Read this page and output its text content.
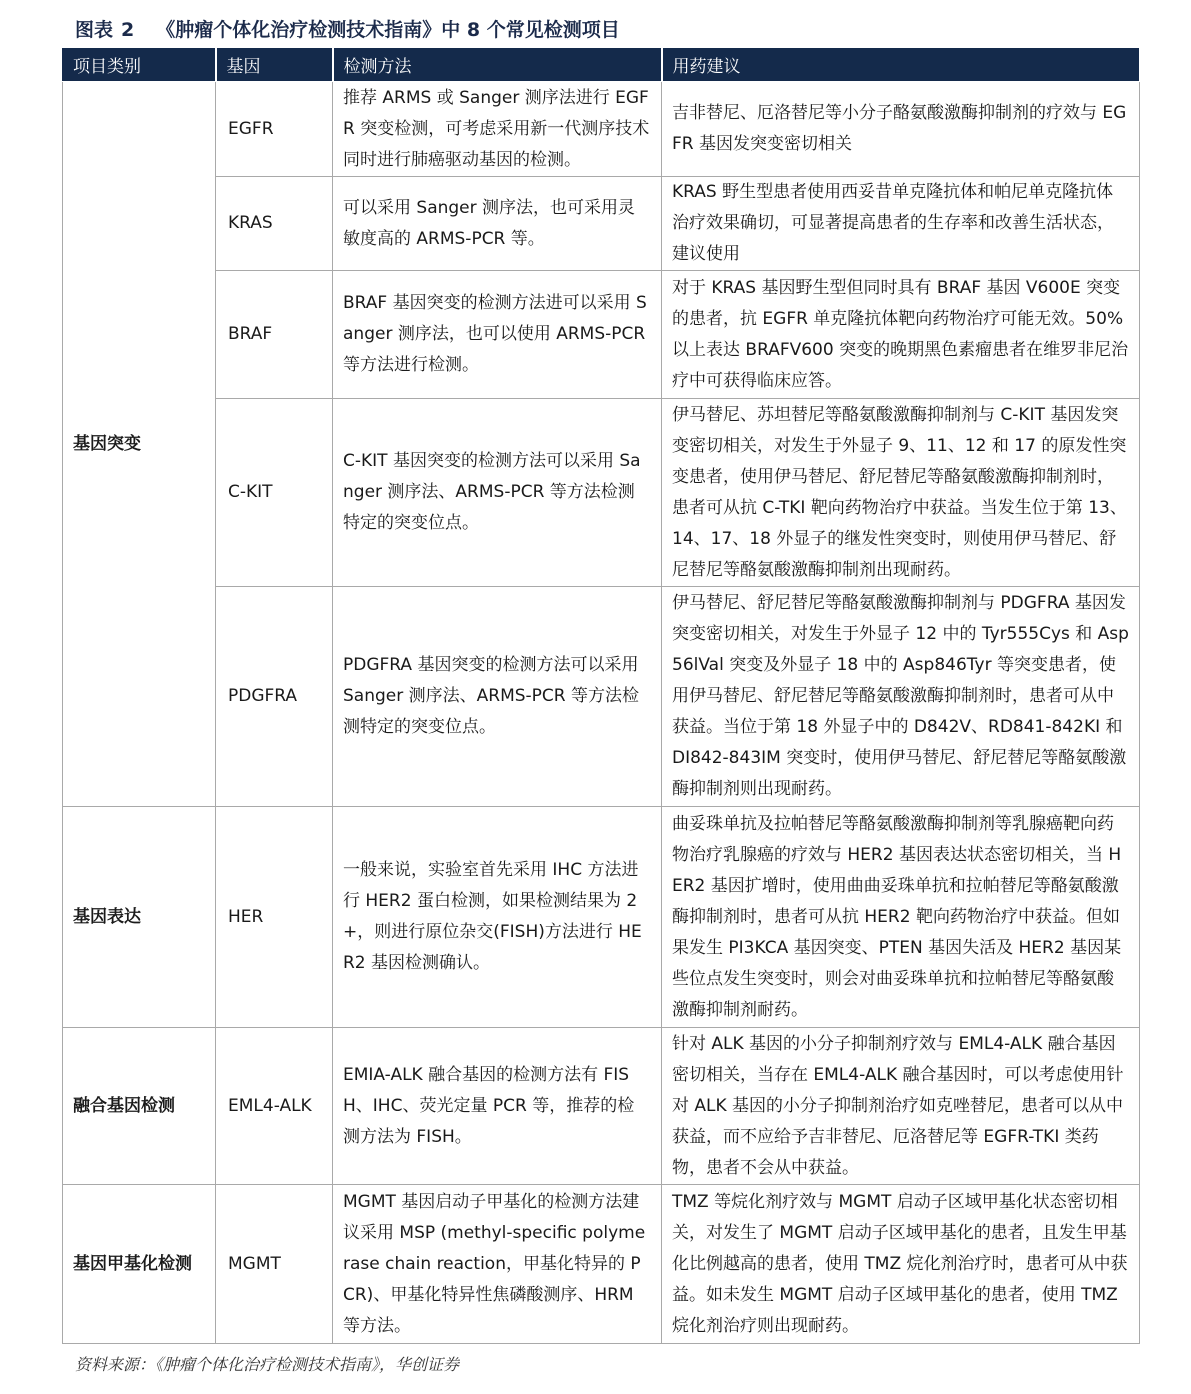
图表 2 《肿瘤个体化治疗检测技术指南》中 8 个常见检测项目
项目类别	基因	检测方法	用药建议
基因突变	EGFR	推荐 ARMS 或 Sanger 测序法进行 EGFR 突变检测，可考虑采用新一代测序技术同时进行肺癌驱动基因的检测。	吉非替尼、厄洛替尼等小分子酪氨酸激酶抑制剂的疗效与 EGFR 基因发突变密切相关
	KRAS	可以采用 Sanger 测序法，也可采用灵敏度高的 ARMS-PCR 等。	KRAS 野生型患者使用西妥昔单克隆抗体和帕尼单克隆抗体治疗效果确切，可显著提高患者的生存率和改善生活状态，建议使用
	BRAF	BRAF 基因突变的检测方法进可以采用 Sanger 测序法，也可以使用 ARMS-PCR 等方法进行检测。	对于 KRAS 基因野生型但同时具有 BRAF 基因 V600E 突变的患者，抗 EGFR 单克隆抗体靶向药物治疗可能无效。50%以上表达 BRAFV600 突变的晚期黑色素瘤患者在维罗非尼治疗中可获得临床应答。
	C-KIT	C-KIT 基因突变的检测方法可以采用 Sanger 测序法、ARMS-PCR 等方法检测特定的突变位点。	伊马替尼、苏坦替尼等酪氨酸激酶抑制剂与 C-KIT 基因发突变密切相关，对发生于外显子 9、11、12 和 17 的原发性突变患者，使用伊马替尼、舒尼替尼等酪氨酸激酶抑制剂时，患者可从抗 C-TKI 靶向药物治疗中获益。当发生位于第 13、14、17、18 外显子的继发性突变时，则使用伊马替尼、舒尼替尼等酪氨酸激酶抑制剂出现耐药。
	PDGFRA	PDGFRA 基因突变的检测方法可以采用 Sanger 测序法、ARMS-PCR 等方法检测特定的突变位点。	伊马替尼、舒尼替尼等酪氨酸激酶抑制剂与 PDGFRA 基因发突变密切相关，对发生于外显子 12 中的 Tyr555Cys 和 Asp56lVal 突变及外显子 18 中的 Asp846Tyr 等突变患者，使用伊马替尼、舒尼替尼等酪氨酸激酶抑制剂时，患者可从中获益。当位于第 18 外显子中的 D842V、RD841-842KI 和 DI842-843IM 突变时，使用伊马替尼、舒尼替尼等酪氨酸激酶抑制剂则出现耐药。
基因表达	HER	一般来说，实验室首先采用 IHC 方法进行 HER2 蛋白检测，如果检测结果为 2+，则进行原位杂交(FISH)方法进行 HER2 基因检测确认。	曲妥珠单抗及拉帕替尼等酪氨酸激酶抑制剂等乳腺癌靶向药物治疗乳腺癌的疗效与 HER2 基因表达状态密切相关，当 HER2 基因扩增时，使用曲曲妥珠单抗和拉帕替尼等酪氨酸激酶抑制剂时，患者可从抗 HER2 靶向药物治疗中获益。但如果发生 PI3KCA 基因突变、PTEN 基因失活及 HER2 基因某些位点发生突变时，则会对曲妥珠单抗和拉帕替尼等酪氨酸激酶抑制剂耐药。
融合基因检测	EML4-ALK	EMIA-ALK 融合基因的检测方法有 FISH、IHC、荧光定量 PCR 等，推荐的检测方法为 FISH。	针对 ALK 基因的小分子抑制剂疗效与 EML4-ALK 融合基因密切相关，当存在 EML4-ALK 融合基因时，可以考虑使用针对 ALK 基因的小分子抑制剂治疗如克唑替尼，患者可以从中获益，而不应给予吉非替尼、厄洛替尼等 EGFR-TKI 类药物，患者不会从中获益。
基因甲基化检测	MGMT	MGMT 基因启动子甲基化的检测方法建议采用 MSP (methyl-specific polymerase chain reaction，甲基化特异的 PCR)、甲基化特异性焦磷酸测序、HRM 等方法。	TMZ 等烷化剂疗效与 MGMT 启动子区域甲基化状态密切相关，对发生了 MGMT 启动子区域甲基化的患者，且发生甲基化比例越高的患者，使用 TMZ 烷化剂治疗时，患者可从中获益。如未发生 MGMT 启动子区域甲基化的患者，使用 TMZ 烷化剂治疗则出现耐药。
资料来源：《肿瘤个体化治疗检测技术指南》，华创证券
